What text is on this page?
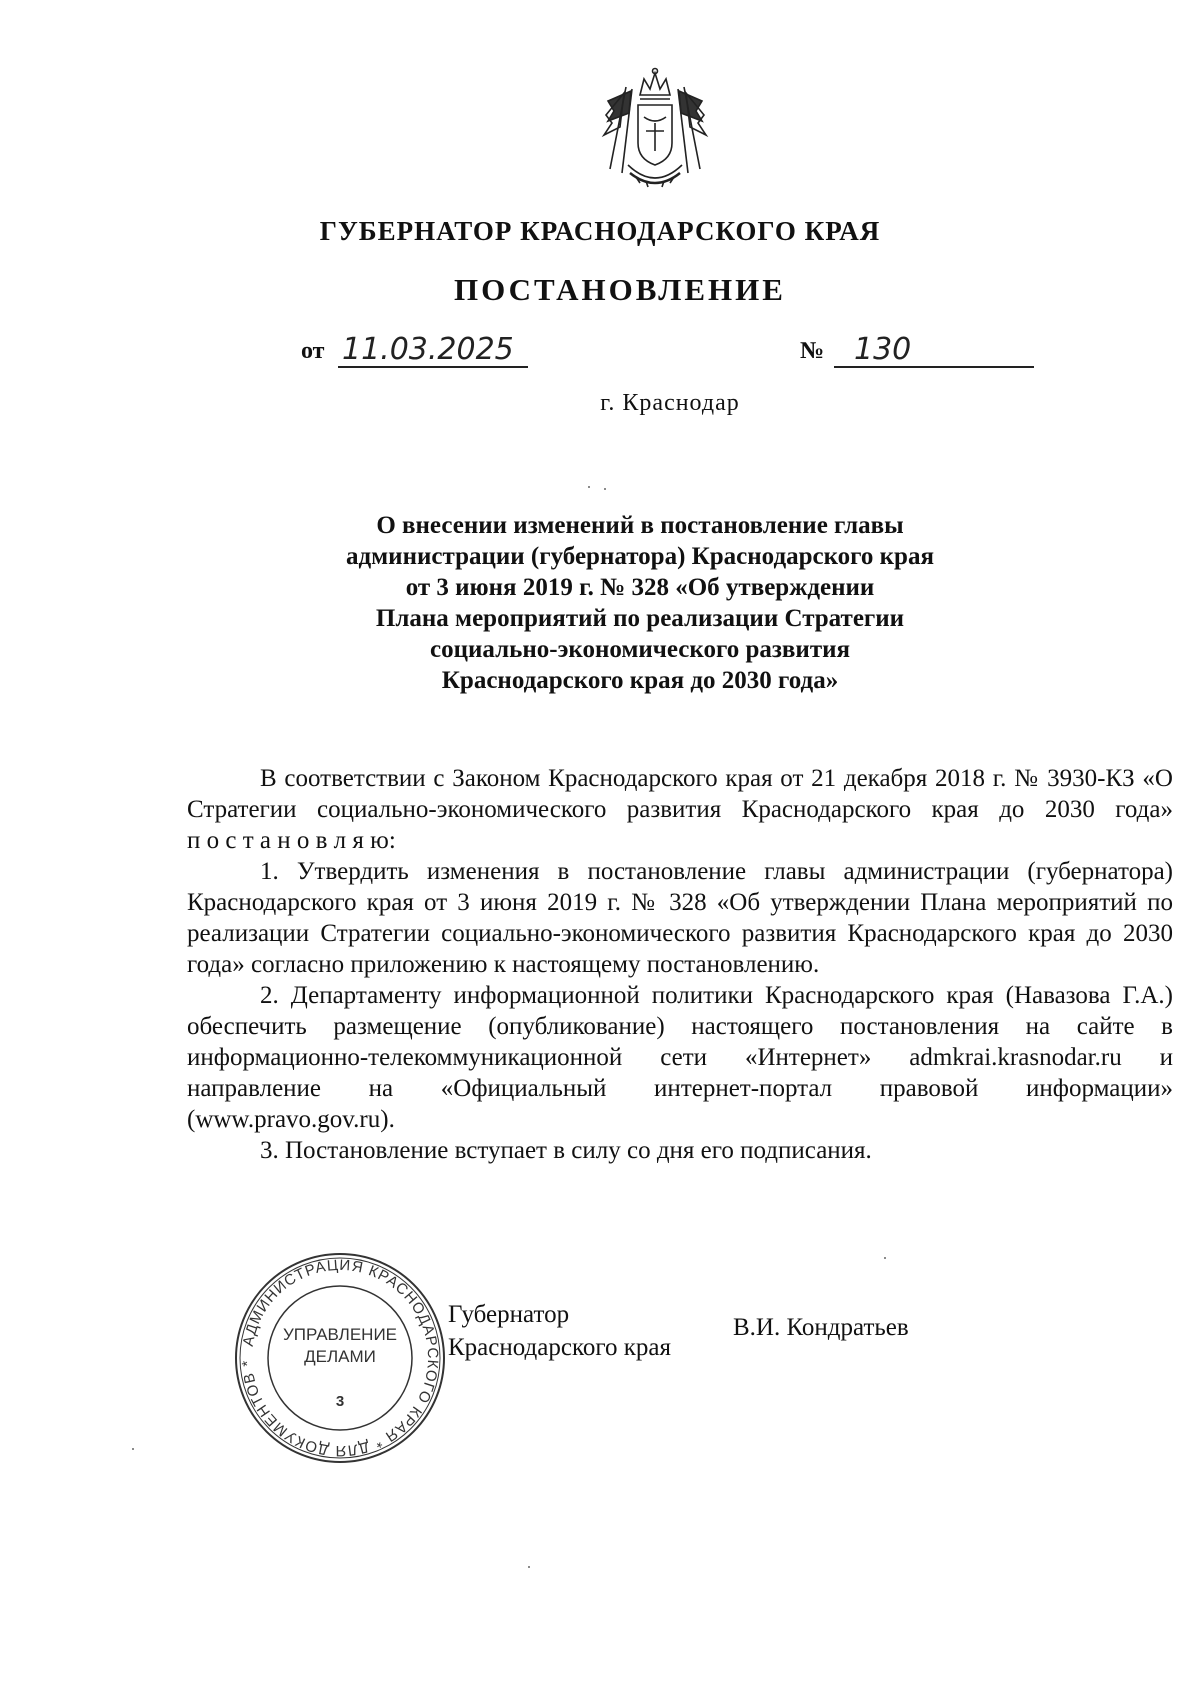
ГУБЕРНАТОР КРАСНОДАРСКОГО КРАЯ
ПОСТАНОВЛЕНИЕ
от 11.03.2025	№ 130
г. Краснодар
О внесении изменений в постановление главы
администрации (губернатора) Краснодарского края
от 3 июня 2019 г. № 328 «Об утверждении
Плана мероприятий по реализации Стратегии
социально-экономического развития
Краснодарского края до 2030 года»
В соответствии с Законом Краснодарского края от 21 декабря 2018 г. № 3930-КЗ «О Стратегии социально-экономического развития Краснодарского края до 2030 года» п о с т а н о в л я ю:
1. Утвердить изменения в постановление главы администрации (губернатора) Краснодарского края от 3 июня 2019 г. № 328 «Об утверждении Плана мероприятий по реализации Стратегии социально-экономического развития Краснодарского края до 2030 года» согласно приложению к настоящему постановлению.
2. Департаменту информационной политики Краснодарского края (Навазова Г.А.) обеспечить размещение (опубликование) настоящего постановления на сайте в информационно-телекоммуникационной сети «Интернет» admkrai.krasnodar.ru и направление на «Официальный интернет-портал правовой информации» (www.pravo.gov.ru).
3. Постановление вступает в силу со дня его подписания.
АДМИНИСТРАЦИЯ КРАСНОДАРСКОГО КРАЯ * ДЛЯ ДОКУМЕНТОВ *
УПРАВЛЕНИЕ
ДЕЛАМИ
3
Губернатор
Краснодарского края
В.И. Кондратьев
